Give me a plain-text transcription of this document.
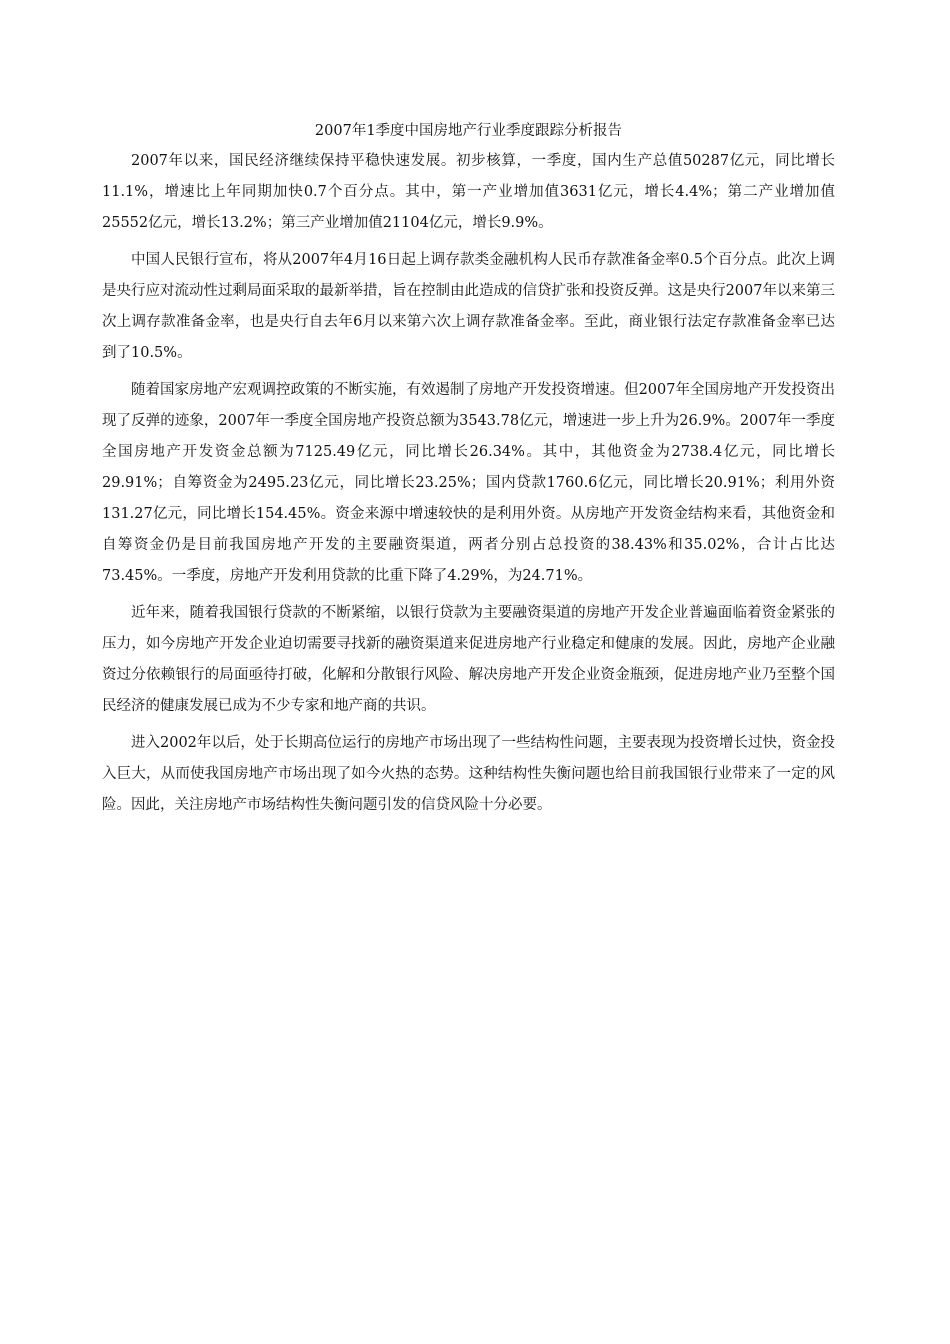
2007年1季度中国房地产行业季度跟踪分析报告

2007年以来，国民经济继续保持平稳快速发展。初步核算，一季度，国内生产总值50287亿元，同比增长11.1%，增速比上年同期加快0.7个百分点。其中，第一产业增加值3631亿元，增长4.4%；第二产业增加值25552亿元，增长13.2%；第三产业增加值21104亿元，增长9.9%。

中国人民银行宣布，将从2007年4月16日起上调存款类金融机构人民币存款准备金率0.5个百分点。此次上调是央行应对流动性过剩局面采取的最新举措，旨在控制由此造成的信贷扩张和投资反弹。这是央行2007年以来第三次上调存款准备金率，也是央行自去年6月以来第六次上调存款准备金率。至此，商业银行法定存款准备金率已达到了10.5%。

随着国家房地产宏观调控政策的不断实施，有效遏制了房地产开发投资增速。但2007年全国房地产开发投资出现了反弹的迹象，2007年一季度全国房地产投资总额为3543.78亿元，增速进一步上升为26.9%。2007年一季度全国房地产开发资金总额为7125.49亿元，同比增长26.34%。其中，其他资金为2738.4亿元，同比增长29.91%；自筹资金为2495.23亿元，同比增长23.25%；国内贷款1760.6亿元，同比增长20.91%；利用外资131.27亿元，同比增长154.45%。资金来源中增速较快的是利用外资。从房地产开发资金结构来看，其他资金和自筹资金仍是目前我国房地产开发的主要融资渠道，两者分别占总投资的38.43%和35.02%，合计占比达73.45%。一季度，房地产开发利用贷款的比重下降了4.29%，为24.71%。

近年来，随着我国银行贷款的不断紧缩，以银行贷款为主要融资渠道的房地产开发企业普遍面临着资金紧张的压力，如今房地产开发企业迫切需要寻找新的融资渠道来促进房地产行业稳定和健康的发展。因此，房地产企业融资过分依赖银行的局面亟待打破，化解和分散银行风险、解决房地产开发企业资金瓶颈，促进房地产业乃至整个国民经济的健康发展已成为不少专家和地产商的共识。

进入2002年以后，处于长期高位运行的房地产市场出现了一些结构性问题，主要表现为投资增长过快，资金投入巨大，从而使我国房地产市场出现了如今火热的态势。这种结构性失衡问题也给目前我国银行业带来了一定的风险。因此，关注房地产市场结构性失衡问题引发的信贷风险十分必要。
